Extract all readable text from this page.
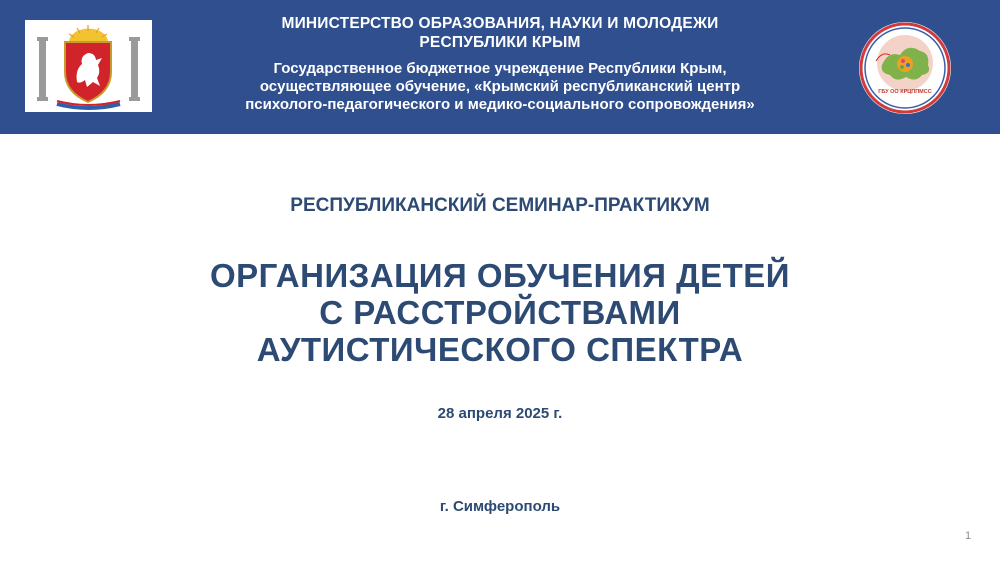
МИНИСТЕРСТВО ОБРАЗОВАНИЯ, НАУКИ И МОЛОДЕЖИ
РЕСПУБЛИКИ КРЫМ
Государственное бюджетное учреждение Республики Крым,
осуществляющее обучение, «Крымский республиканский центр
психолого-педагогического и медико-социального сопровождения»
ГБУ ОО КРЦППМСС
РЕСПУБЛИКАНСКИЙ СЕМИНАР-ПРАКТИКУМ
ОРГАНИЗАЦИЯ ОБУЧЕНИЯ ДЕТЕЙ
С РАССТРОЙСТВАМИ
АУТИСТИЧЕСКОГО СПЕКТРА
28 апреля 2025 г.
г. Симферополь
1
